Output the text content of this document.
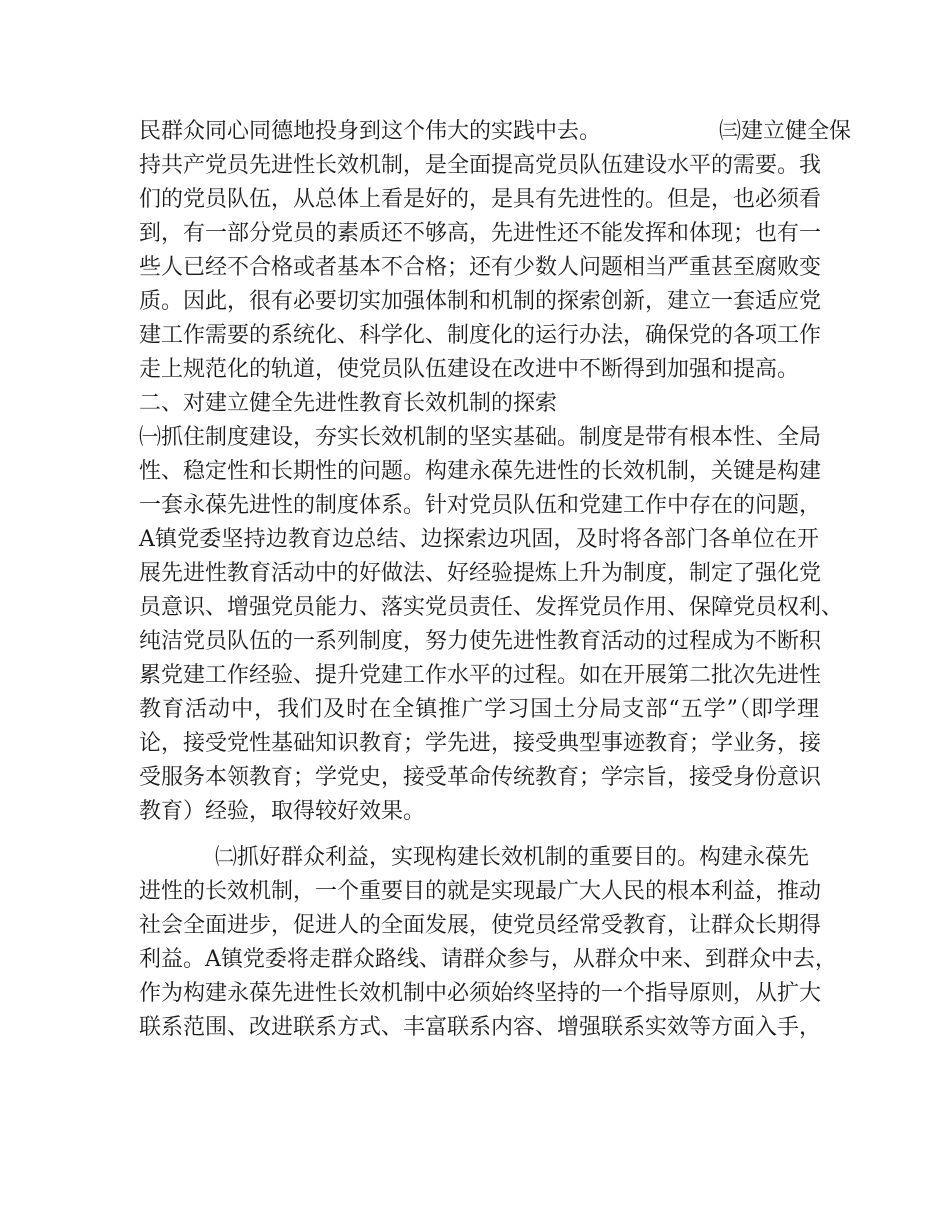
民群众同心同德地投身到这个伟大的实践中去。	㈢建立健全保
持共产党员先进性长效机制，是全面提高党员队伍建设水平的需要。我
们的党员队伍，从总体上看是好的，是具有先进性的。但是，也必须看
到，有一部分党员的素质还不够高，先进性还不能发挥和体现；也有一
些人已经不合格或者基本不合格；还有少数人问题相当严重甚至腐败变
质。因此，很有必要切实加强体制和机制的探索创新，建立一套适应党
建工作需要的系统化、科学化、制度化的运行办法，确保党的各项工作
走上规范化的轨道，使党员队伍建设在改进中不断得到加强和提高。
二、对建立健全先进性教育长效机制的探索
㈠抓住制度建设，夯实长效机制的坚实基础。制度是带有根本性、全局
性、稳定性和长期性的问题。构建永葆先进性的长效机制，关键是构建
一套永葆先进性的制度体系。针对党员队伍和党建工作中存在的问题，
A镇党委坚持边教育边总结、边探索边巩固，及时将各部门各单位在开
展先进性教育活动中的好做法、好经验提炼上升为制度，制定了强化党
员意识、增强党员能力、落实党员责任、发挥党员作用、保障党员权利、
纯洁党员队伍的一系列制度，努力使先进性教育活动的过程成为不断积
累党建工作经验、提升党建工作水平的过程。如在开展第二批次先进性
教育活动中，我们及时在全镇推广学习国土分局支部“五学”（即学理
论，接受党性基础知识教育；学先进，接受典型事迹教育；学业务，接
受服务本领教育；学党史，接受革命传统教育；学宗旨，接受身份意识
教育）经验，取得较好效果。
㈡抓好群众利益，实现构建长效机制的重要目的。构建永葆先
进性的长效机制，一个重要目的就是实现最广大人民的根本利益，推动
社会全面进步，促进人的全面发展，使党员经常受教育，让群众长期得
利益。A镇党委将走群众路线、请群众参与，从群众中来、到群众中去，
作为构建永葆先进性长效机制中必须始终坚持的一个指导原则，从扩大
联系范围、改进联系方式、丰富联系内容、增强联系实效等方面入手，
